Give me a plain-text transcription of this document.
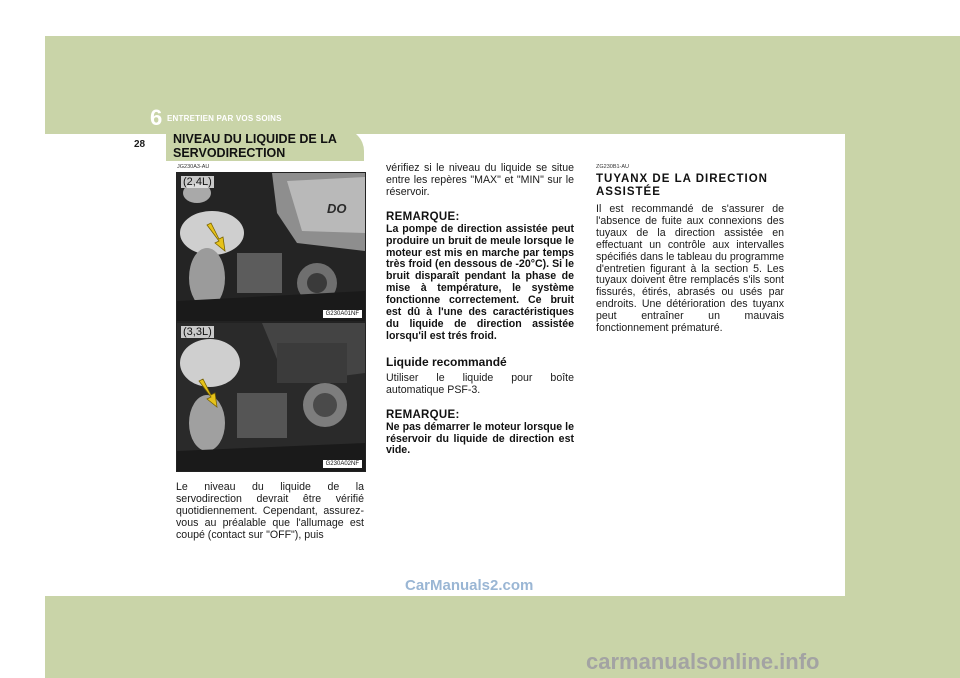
6 ENTRETIEN PAR VOS SOINS
28 NIVEAU DU LIQUIDE DE LA
SERVODIRECTION
JG230A3-AU
DO
(2,4L)
G230A01NF
(3,3L)
G230A02NF
Le niveau du liquide de la servodirection devrait être vérifié quotidiennement. Cependant, assurez-vous au préalable que l'allumage est coupé (contact sur "OFF"), puis
vérifiez si le niveau du liquide se situe entre les repères "MAX" et "MIN" sur le réservoir.
REMARQUE:
La pompe de direction assistée peut produire un bruit de meule lorsque le moteur est mis en marche par temps très froid (en dessous de -20°C). Si le bruit disparaît pendant la phase de mise à température, le système fonctionne correctement. Ce bruit est dû à l'une des caractéristiques du liquide de direction assistée lorsqu'il est trés froid.
Liquide recommandé
Utiliser le liquide pour boîte automatique PSF-3.
REMARQUE:
Ne pas démarrer le moteur lorsque le réservoir du liquide de direction est vide.
ZG230B1-AU
TUYANX DE LA DIRECTION
ASSISTÉE
Il est recommandé de s'assurer de l'absence de fuite aux connexions des tuyaux de la direction assistée en effectuant un contrôle aux intervalles spécifiés dans le tableau du programme d'entretien figurant à la section 5. Les tuyaux doivent être remplacés s'ils sont fissurés, étirés, abrasés ou usés par endroits. Une détérioration des tuyanx peut entraîner un mauvais fonctionnement prématuré.
CarManuals2.com
carmanualsonline.info
